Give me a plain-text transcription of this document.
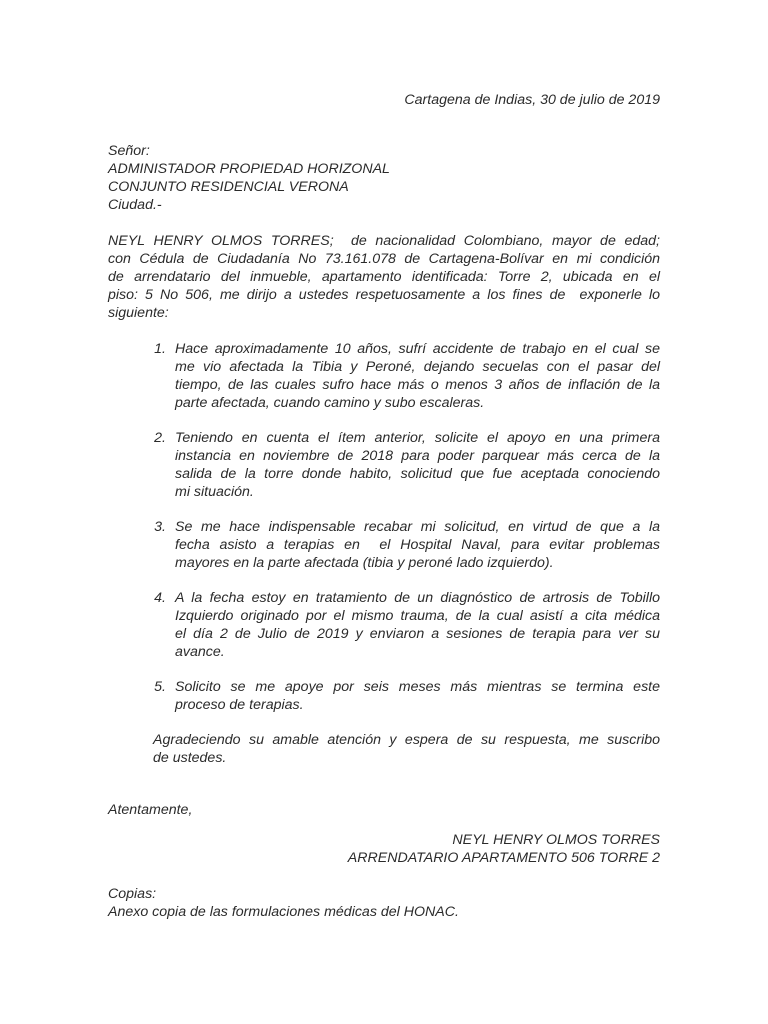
Cartagena de Indias, 30 de julio de 2019
Señor:
ADMINISTADOR PROPIEDAD HORIZONAL
CONJUNTO RESIDENCIAL VERONA
Ciudad.-
NEYL HENRY OLMOS TORRES;  de nacionalidad Colombiano, mayor de edad;
con Cédula de Ciudadanía No 73.161.078 de Cartagena-Bolívar en mi condición
de arrendatario del inmueble, apartamento identificada: Torre 2, ubicada en el
piso: 5 No 506, me dirijo a ustedes respetuosamente a los fines de  exponerle lo
siguiente:
1. Hace aproximadamente 10 años, sufrí accidente de trabajo en el cual se
me vio afectada la Tibia y Peroné, dejando secuelas con el pasar del
tiempo, de las cuales sufro hace más o menos 3 años de inflación de la
parte afectada, cuando camino y subo escaleras.
2. Teniendo en cuenta el ítem anterior, solicite el apoyo en una primera
instancia en noviembre de 2018 para poder parquear más cerca de la
salida de la torre donde habito, solicitud que fue aceptada conociendo
mi situación.
3. Se me hace indispensable recabar mi solicitud, en virtud de que a la
fecha asisto a terapias en  el Hospital Naval, para evitar problemas
mayores en la parte afectada (tibia y peroné lado izquierdo).
4. A la fecha estoy en tratamiento de un diagnóstico de artrosis de Tobillo
Izquierdo originado por el mismo trauma, de la cual asistí a cita médica
el día 2 de Julio de 2019 y enviaron a sesiones de terapia para ver su
avance.
5. Solicito se me apoye por seis meses más mientras se termina este
proceso de terapias.
Agradeciendo su amable atención y espera de su respuesta, me suscribo
de ustedes.
Atentamente,
NEYL HENRY OLMOS TORRES
ARRENDATARIO APARTAMENTO 506 TORRE 2
Copias:
Anexo copia de las formulaciones médicas del HONAC.
